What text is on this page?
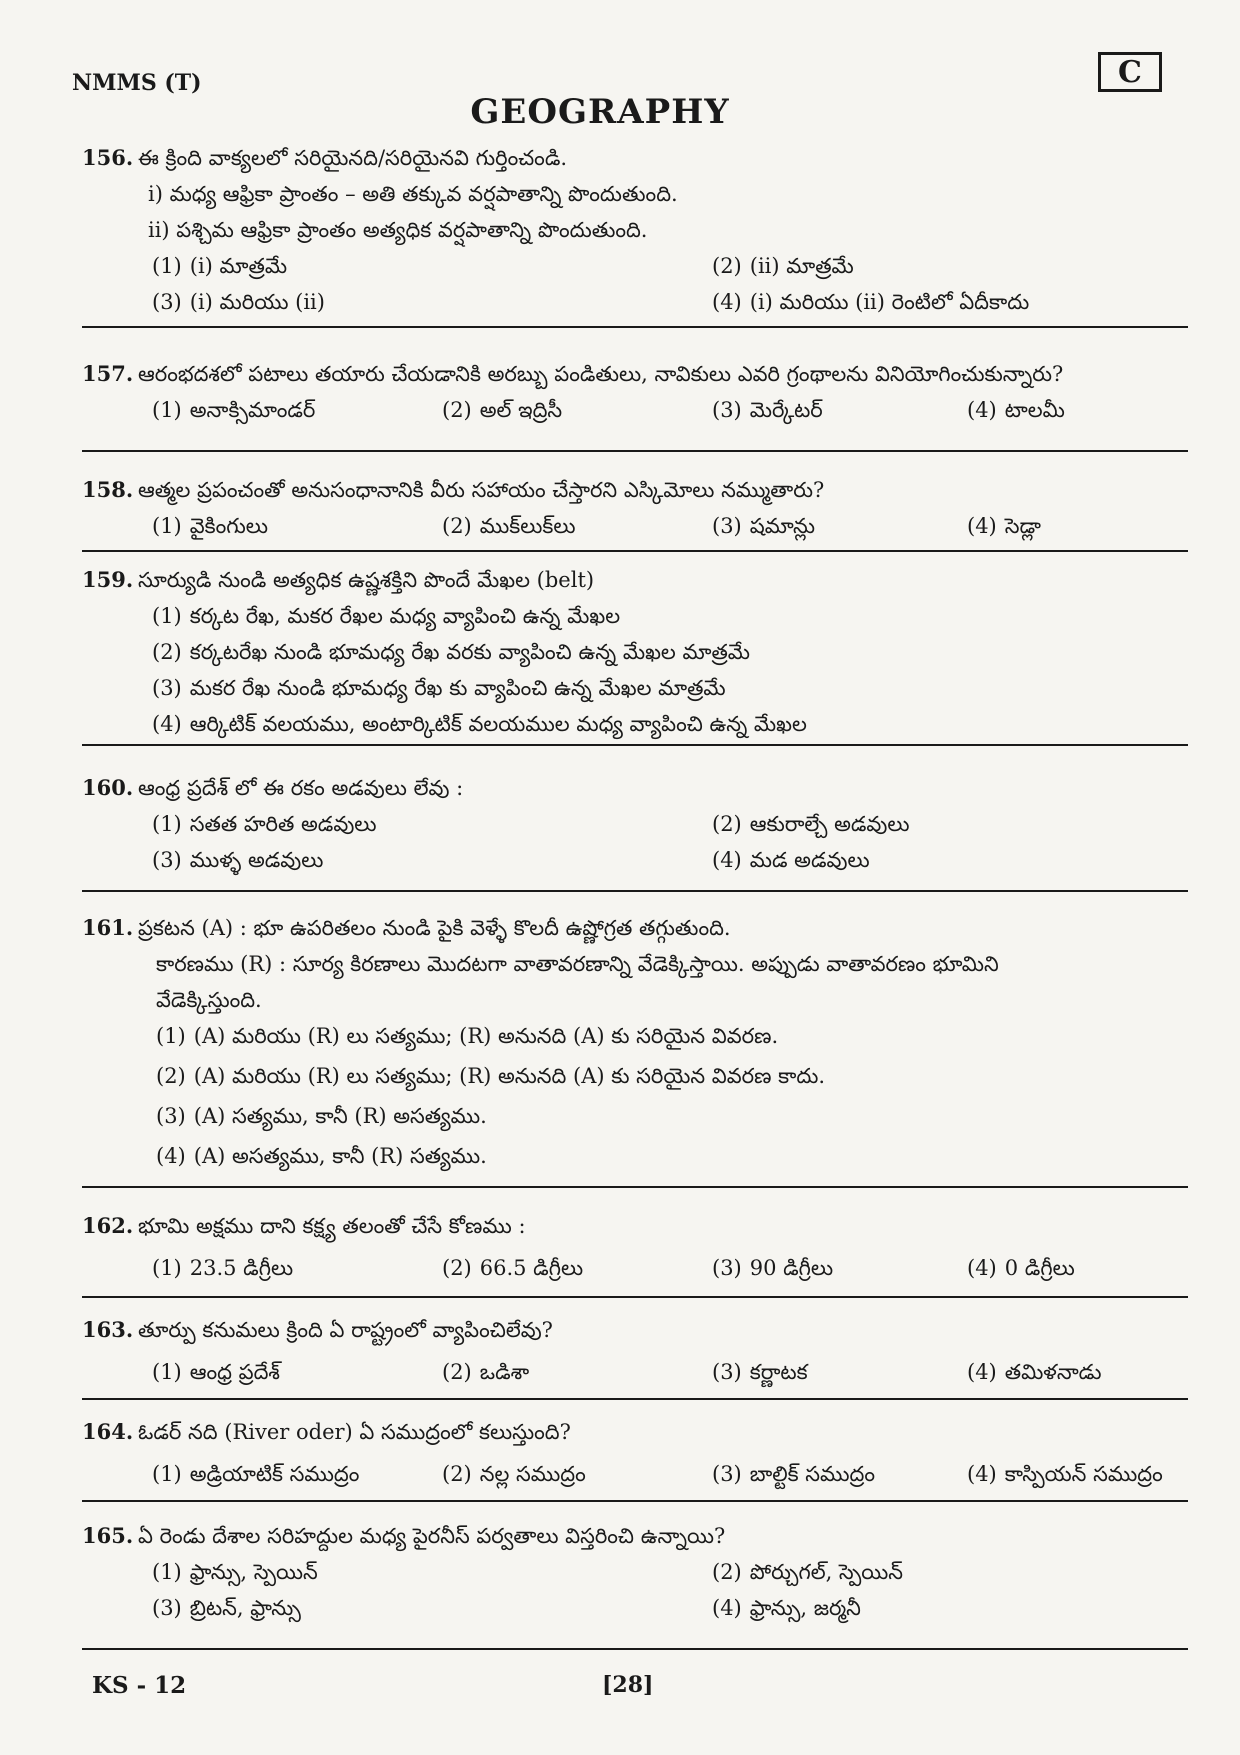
NMMS (T)	C
GEOGRAPHY
156. ఈ క్రింది వాక్యలలో సరియైనది/సరియైనవి గుర్తించండి.
i) మధ్య ఆఫ్రికా ప్రాంతం – అతి తక్కువ వర్షపాతాన్ని పొందుతుంది.
ii) పశ్చిమ ఆఫ్రికా ప్రాంతం అత్యధిక వర్షపాతాన్ని పొందుతుంది.
(1) (i) మాత్రమే	(2) (ii) మాత్రమే
(3) (i) మరియు (ii)	(4) (i) మరియు (ii) రెంటిలో ఏదీకాదు
157. ఆరంభదశలో పటాలు తయారు చేయడానికి అరబ్బు పండితులు, నావికులు ఎవరి గ్రంథాలను వినియోగించుకున్నారు?
(1) అనాక్సిమాండర్	(2) అల్ ఇద్రిసీ	(3) మెర్కేటర్	(4) టాలమీ
158. ఆత్మల ప్రపంచంతో అనుసంధానానికి వీరు సహాయం చేస్తారని ఎస్కిమోలు నమ్ముతారు?
(1) వైకింగులు	(2) ముక్‌లుక్‌లు	(3) షమాన్లు	(4) సెడ్లా
159. సూర్యుడి నుండి అత్యధిక ఉష్ణశక్తిని పొందే మేఖల (belt)
(1) కర్కట రేఖ, మకర రేఖల మధ్య వ్యాపించి ఉన్న మేఖల
(2) కర్కటరేఖ నుండి భూమధ్య రేఖ వరకు వ్యాపించి ఉన్న మేఖల మాత్రమే
(3) మకర రేఖ నుండి భూమధ్య రేఖ కు వ్యాపించి ఉన్న మేఖల మాత్రమే
(4) ఆర్కిటిక్ వలయము, అంటార్కిటిక్ వలయముల మధ్య వ్యాపించి ఉన్న మేఖల
160. ఆంధ్ర ప్రదేశ్ లో ఈ రకం అడవులు లేవు :
(1) సతత హరిత అడవులు	(2) ఆకురాల్చే అడవులు
(3) ముళ్ళ అడవులు	(4) మడ అడవులు
161. ప్రకటన (A) : భూ ఉపరితలం నుండి పైకి వెళ్ళే కొలదీ ఉష్ణోగ్రత తగ్గుతుంది.
కారణము (R) : సూర్య కిరణాలు మొదటగా వాతావరణాన్ని వేడెక్కిస్తాయి. అప్పుడు వాతావరణం భూమిని
వేడెక్కిస్తుంది.
(1) (A) మరియు (R) లు సత్యము; (R) అనునది (A) కు సరియైన వివరణ.
(2) (A) మరియు (R) లు సత్యము; (R) అనునది (A) కు సరియైన వివరణ కాదు.
(3) (A) సత్యము, కానీ (R) అసత్యము.
(4) (A) అసత్యము, కానీ (R) సత్యము.
162. భూమి అక్షము దాని కక్ష్య తలంతో చేసే కోణము :
(1) 23.5 డిగ్రీలు	(2) 66.5 డిగ్రీలు	(3) 90 డిగ్రీలు	(4) 0 డిగ్రీలు
163. తూర్పు కనుమలు క్రింది ఏ రాష్ట్రంలో వ్యాపించిలేవు?
(1) ఆంధ్ర ప్రదేశ్	(2) ఒడిశా	(3) కర్ణాటక	(4) తమిళనాడు
164. ఓడర్ నది (River oder) ఏ సముద్రంలో కలుస్తుంది?
(1) అడ్రియాటిక్ సముద్రం	(2) నల్ల సముద్రం	(3) బాల్టిక్ సముద్రం	(4) కాస్పియన్ సముద్రం
165. ఏ రెండు దేశాల సరిహద్దుల మధ్య పైరనీస్ పర్వతాలు విస్తరించి ఉన్నాయి?
(1) ఫ్రాన్సు, స్పెయిన్	(2) పోర్చుగల్, స్పెయిన్
(3) బ్రిటన్, ఫ్రాన్సు	(4) ఫ్రాన్సు, జర్మనీ
KS - 12	[28]
